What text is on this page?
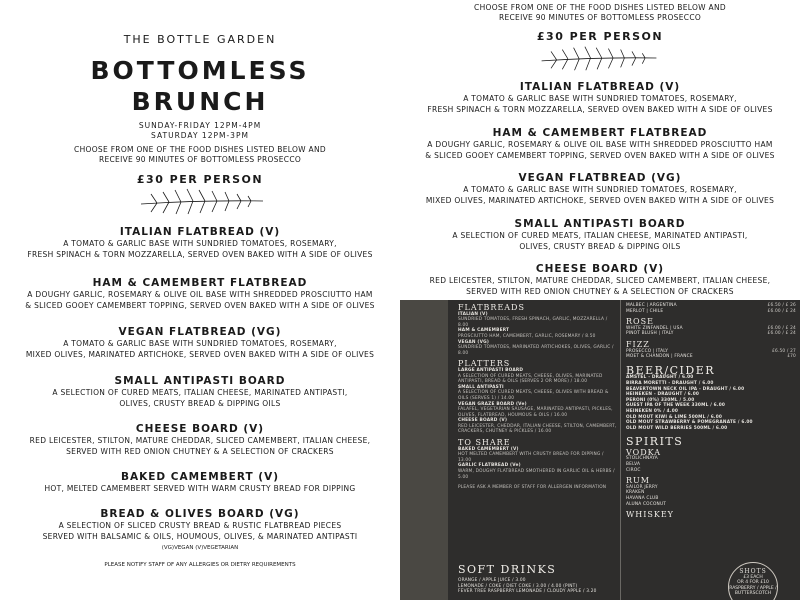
THE BOTTLE GARDEN
BOTTOMLESS
BRUNCH
SUNDAY-FRIDAY 12PM-4PM
SATURDAY 12PM-3PM
CHOOSE FROM ONE OF THE FOOD DISHES LISTED BELOW AND
RECEIVE 90 MINUTES OF BOTTOMLESS PROSECCO
£30 PER PERSON
ITALIAN FLATBREAD (V)
A TOMATO & GARLIC BASE WITH SUNDRIED TOMATOES, ROSEMARY,
FRESH SPINACH & TORN MOZZARELLA, SERVED OVEN BAKED WITH A SIDE OF OLIVES
HAM & CAMEMBERT FLATBREAD
A DOUGHY GARLIC, ROSEMARY & OLIVE OIL BASE WITH SHREDDED PROSCIUTTO HAM
& SLICED GOOEY CAMEMBERT TOPPING, SERVED OVEN BAKED WITH A SIDE OF OLIVES
VEGAN FLATBREAD (VG)
A TOMATO & GARLIC BASE WITH SUNDRIED TOMATOES, ROSEMARY,
MIXED OLIVES, MARINATED ARTICHOKE, SERVED OVEN BAKED WITH A SIDE OF OLIVES
SMALL ANTIPASTI BOARD
A SELECTION OF CURED MEATS, ITALIAN CHEESE, MARINATED ANTIPASTI,
OLIVES, CRUSTY BREAD & DIPPING OILS
CHEESE BOARD (V)
RED LEICESTER, STILTON, MATURE CHEDDAR, SLICED CAMEMBERT, ITALIAN CHEESE,
SERVED WITH RED ONION CHUTNEY & A SELECTION OF CRACKERS
BAKED CAMEMBERT (V)
HOT, MELTED CAMEMBERT SERVED WITH WARM CRUSTY BREAD FOR DIPPING
BREAD & OLIVES BOARD (VG)
A SELECTION OF SLICED CRUSTY BREAD & RUSTIC FLATBREAD PIECES
SERVED WITH BALSAMIC & OILS, HOUMOUS, OLIVES, & MARINATED ANTIPASTI
(VG)VEGAN (V)VEGETARIAN
PLEASE NOTIFY STAFF OF ANY ALLERGIES OR DIETRY REQUIREMENTS
CHOOSE FROM ONE OF THE FOOD DISHES LISTED BELOW AND
RECEIVE 90 MINUTES OF BOTTOMLESS PROSECCO
£30 PER PERSON
ITALIAN FLATBREAD (V)
A TOMATO & GARLIC BASE WITH SUNDRIED TOMATOES, ROSEMARY,
FRESH SPINACH & TORN MOZZARELLA, SERVED OVEN BAKED WITH A SIDE OF OLIVES
HAM & CAMEMBERT FLATBREAD
A DOUGHY GARLIC, ROSEMARY & OLIVE OIL BASE WITH SHREDDED PROSCIUTTO HAM
& SLICED GOOEY CAMEMBERT TOPPING, SERVED OVEN BAKED WITH A SIDE OF OLIVES
VEGAN FLATBREAD (VG)
A TOMATO & GARLIC BASE WITH SUNDRIED TOMATOES, ROSEMARY,
MIXED OLIVES, MARINATED ARTICHOKE, SERVED OVEN BAKED WITH A SIDE OF OLIVES
SMALL ANTIPASTI BOARD
A SELECTION OF CURED MEATS, ITALIAN CHEESE, MARINATED ANTIPASTI,
OLIVES, CRUSTY BREAD & DIPPING OILS
CHEESE BOARD (V)
RED LEICESTER, STILTON, MATURE CHEDDAR, SLICED CAMEMBERT, ITALIAN CHEESE,
SERVED WITH RED ONION CHUTNEY & A SELECTION OF CRACKERS
FLATBREADS
ITALIAN (V)
SUNDRIED TOMATOES, FRESH SPINACH, GARLIC, MOZZARELLA / 8.00
HAM & CAMEMBERT
PROSCIUTTO HAM, CAMEMBERT, GARLIC, ROSEMARY / 8.50
VEGAN (VG)
SUNDRIED TOMATOES, MARINATED ARTICHOKES, OLIVES, GARLIC / 8.00
PLATTERS
LARGE ANTIPASTI BOARD
A SELECTION OF CURED MEATS, CHEESE, OLIVES, MARINATED ANTIPASTI, BREAD & OILS (SERVES 2 OR MORE) / 18.00
SMALL ANTIPASTI
A SELECTION OF CURED MEATS, CHEESE, OLIVES WITH BREAD & OILS (SERVES 1) / 14.00
VEGAN GRAZE BOARD (Ve)
FALAFEL, VEGETARIAN SAUSAGE, MARINATED ANTIPASTI, PICKLES, OLIVES, FLATBREAD, HOUMOUS & OILS / 16.00
CHEESE BOARD (V)
RED LEICESTER, CHEDDAR, ITALIAN CHEESE, STILTON, CAMEMBERT, CRACKERS, CHUTNEY & PICKLES / 16.00
TO SHARE
BAKED CAMEMBERT (V)
HOT MELTED CAMEMBERT WITH CRUSTY BREAD FOR DIPPING / 13.00
GARLIC FLATBREAD (Ve)
WARM, DOUGHY FLATBREAD SMOTHERED IN GARLIC OIL & HERBS / 5.00
PLEASE ASK A MEMBER OF STAFF FOR ALLERGEN INFORMATION
SOFT DRINKS
ORANGE / APPLE JUICE / 3.00
LEMONADE / COKE / DIET COKE / 3.00 / 4.00 (PINT)
FEVER TREE RASPBERRY LEMONADE / CLOUDY APPLE / 3.20
MALBEC | ARGENTINA	£6.50 / £ 26
MERLOT | CHILE	£6.00 / £ 24
ROSE
WHITE ZINFANDEL | USA	£6.00 / £ 24
PINOT BLUSH | ITALY	£6.00 / £ 24
FIZZ
PROSECCO | ITALY	£6.50 / 27
MOET & CHANDON | FRANCE	£70
BEER/CIDER
AMSTEL - DRAUGHT / 6.00
BIRRA MORETTI - DRAUGHT / 6.00
BEAVERTOWN NECK OIL IPA - DRAUGHT / 6.00
HEINEKEN - DRAUGHT / 6.00
PERONI (0%) 330ML / 5.00
GUEST IPA OF THE WEEK 330ML / 6.00
HEINEKEN 0% / 4.00
OLD MOUT KIWI & LIME 500ML / 6.00
OLD MOUT STRAWBERRY & POMEGRANATE / 6.00
OLD MOUT WILD BERRIES 500ML / 6.00
SPIRITS
VODKA
STOLICHNAYA
BELVA
CIROC
RUM
SAILOR JERRY
KRAKEN
HAVANA CLUB
ALUNA COCONUT
WHISKEY
SHOTS
£3 EACH
OR 4 FOR £10
RASPBERRY / APPLE / BUTTERSCOTCH
